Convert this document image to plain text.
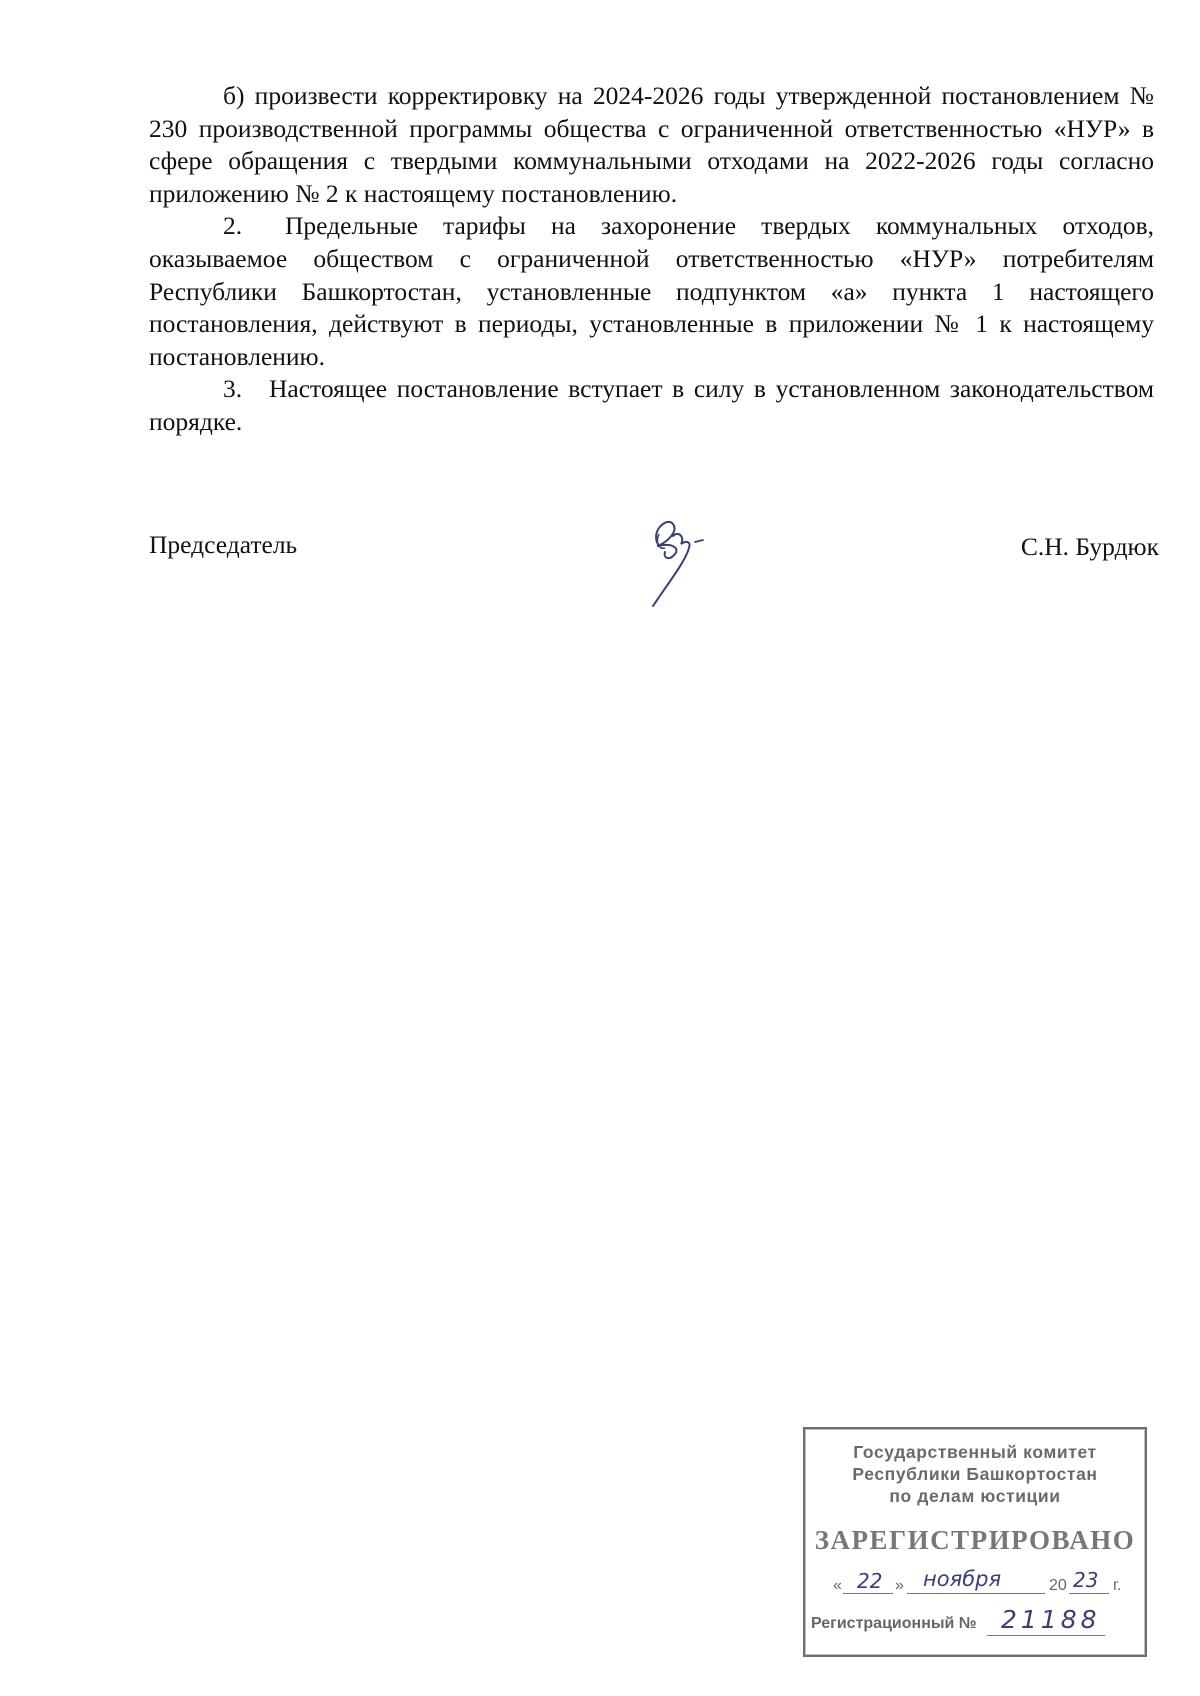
б) произвести корректировку на 2024-2026 годы утвержденной постановлением № 230 производственной программы общества с ограниченной ответственностью «НУР» в сфере обращения с твердыми коммунальными отходами на 2022-2026 годы согласно приложению № 2 к настоящему постановлению.

2. Предельные тарифы на захоронение твердых коммунальных отходов, оказываемое обществом с ограниченной ответственностью «НУР» потребителям Республики Башкортостан, установленные подпунктом «а» пункта 1 настоящего постановления, действуют в периоды, установленные в приложении № 1 к настоящему постановлению.

3. Настоящее постановление вступает в силу в установленном законодательством порядке.

Председатель	С.Н. Бурдюк
Государственный комитет
Республики Башкортостан
по делам юстиции
ЗАРЕГИСТРИРОВАНО
« 22 » ноября	20 23 г.
Регистрационный № 21188
